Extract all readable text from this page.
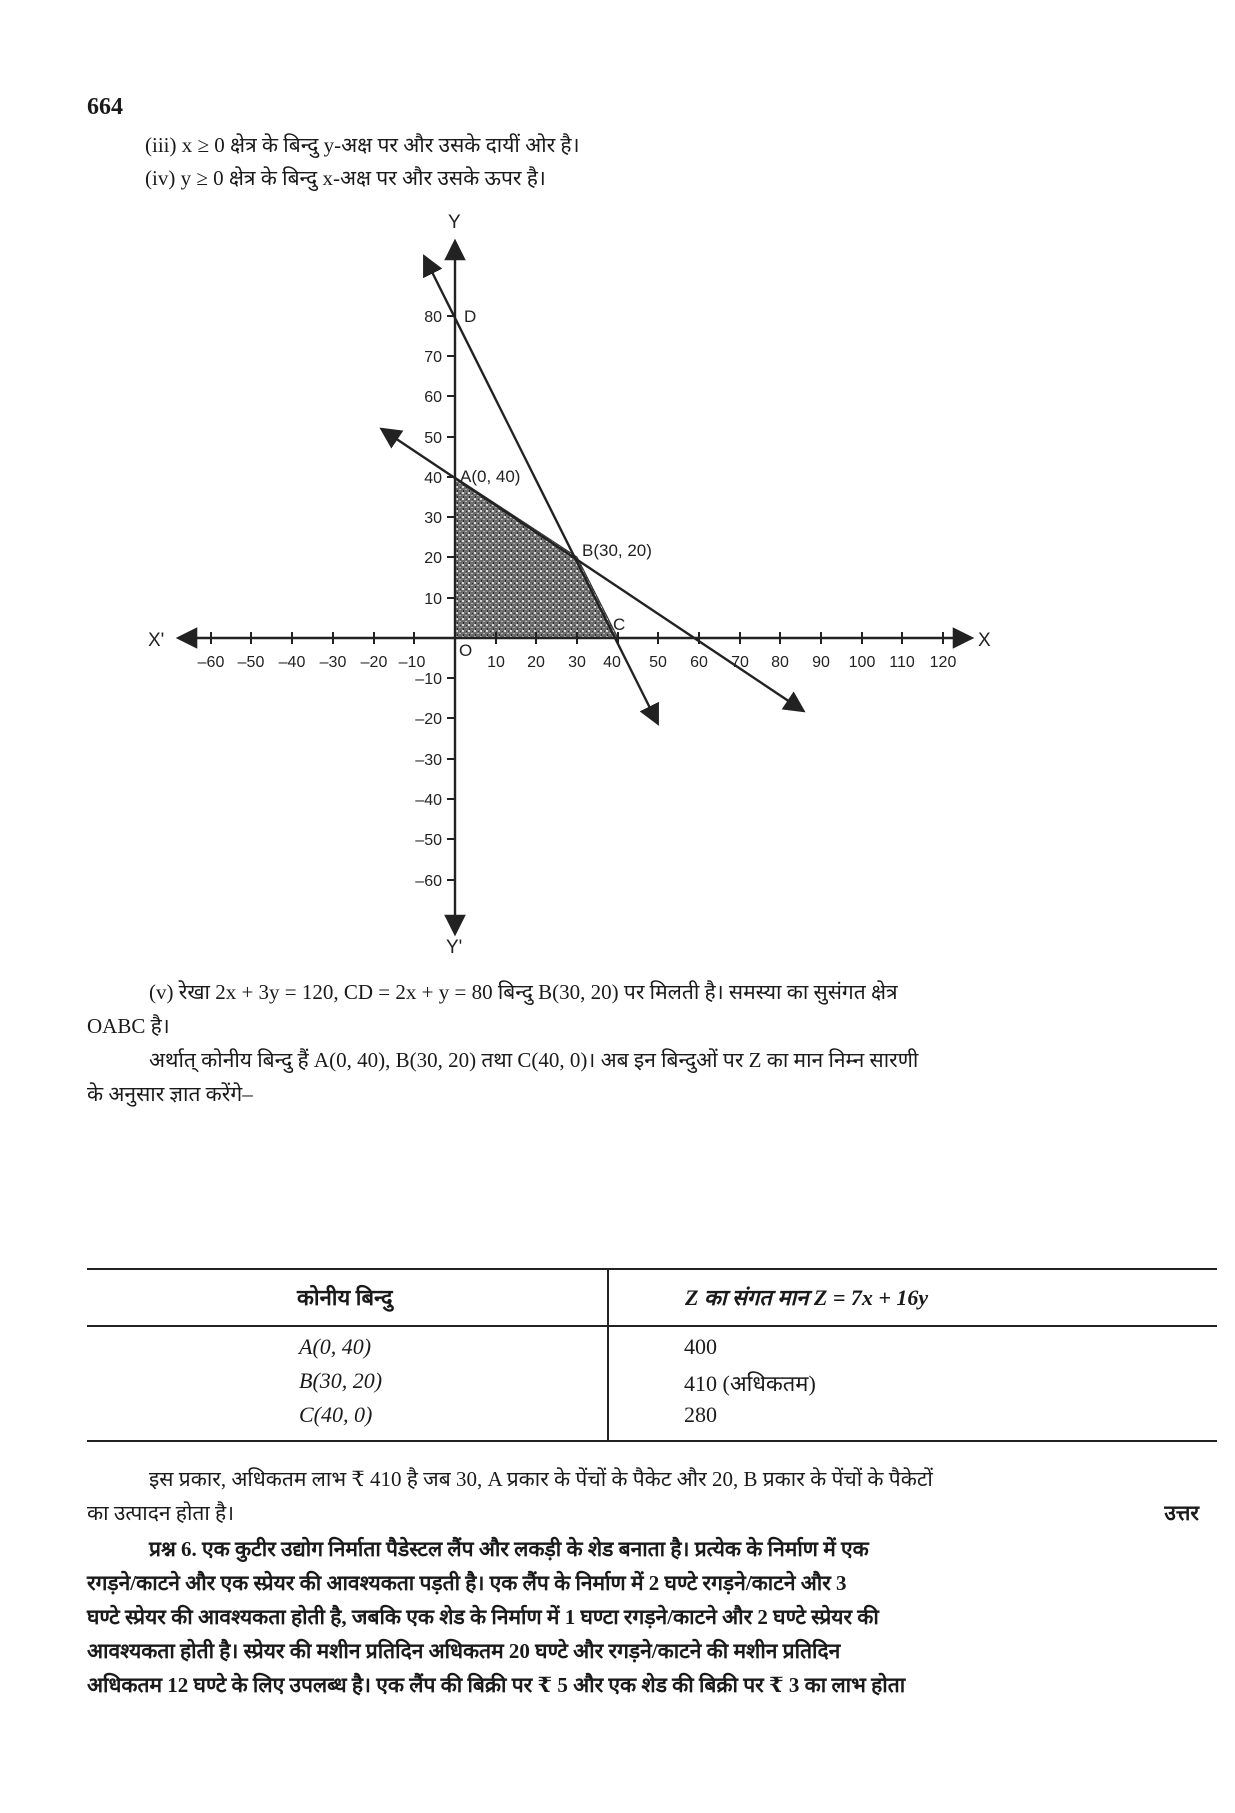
664
(iii) x ≥ 0 क्षेत्र के बिन्दु y-अक्ष पर और उसके दायीं ओर है।
(iv) y ≥ 0 क्षेत्र के बिन्दु x-अक्ष पर और उसके ऊपर है।
Y
Y'
X
X'	O
D
A(0, 40)
B(30, 20)
C
–60 –50 –40 –30 –20 –10	10 20 30 40 50 60 70 80 90 100 110 120
80
70
60
50
40
30
20
10
–10
–20
–30
–40
–50
–60
(v) रेखा 2x + 3y = 120, CD = 2x + y = 80 बिन्दु B(30, 20) पर मिलती है। समस्या का सुसंगत क्षेत्र
OABC है।
अर्थात् कोनीय बिन्दु हैं A(0, 40), B(30, 20) तथा C(40, 0)। अब इन बिन्दुओं पर Z का मान निम्न सारणी
के अनुसार ज्ञात करेंगे–
कोनीय बिन्दु	Z का संगत मान Z = 7x + 16y
A(0, 40)	400
B(30, 20)	410 (अधिकतम)
C(40, 0)	280
इस प्रकार, अधिकतम लाभ ₹ 410 है जब 30, A प्रकार के पेंचों के पैकेट और 20, B प्रकार के पेंचों के पैकेटों
का उत्पादन होता है।	उत्तर
प्रश्न 6. एक कुटीर उद्योग निर्माता पैडेस्टल लैंप और लकड़ी के शेड बनाता है। प्रत्येक के निर्माण में एक
रगड़ने/काटने और एक स्प्रेयर की आवश्यकता पड़ती है। एक लैंप के निर्माण में 2 घण्टे रगड़ने/काटने और 3
घण्टे स्प्रेयर की आवश्यकता होती है, जबकि एक शेड के निर्माण में 1 घण्टा रगड़ने/काटने और 2 घण्टे स्प्रेयर की
आवश्यकता होती है। स्प्रेयर की मशीन प्रतिदिन अधिकतम 20 घण्टे और रगड़ने/काटने की मशीन प्रतिदिन
अधिकतम 12 घण्टे के लिए उपलब्ध है। एक लैंप की बिक्री पर ₹ 5 और एक शेड की बिक्री पर ₹ 3 का लाभ होता
